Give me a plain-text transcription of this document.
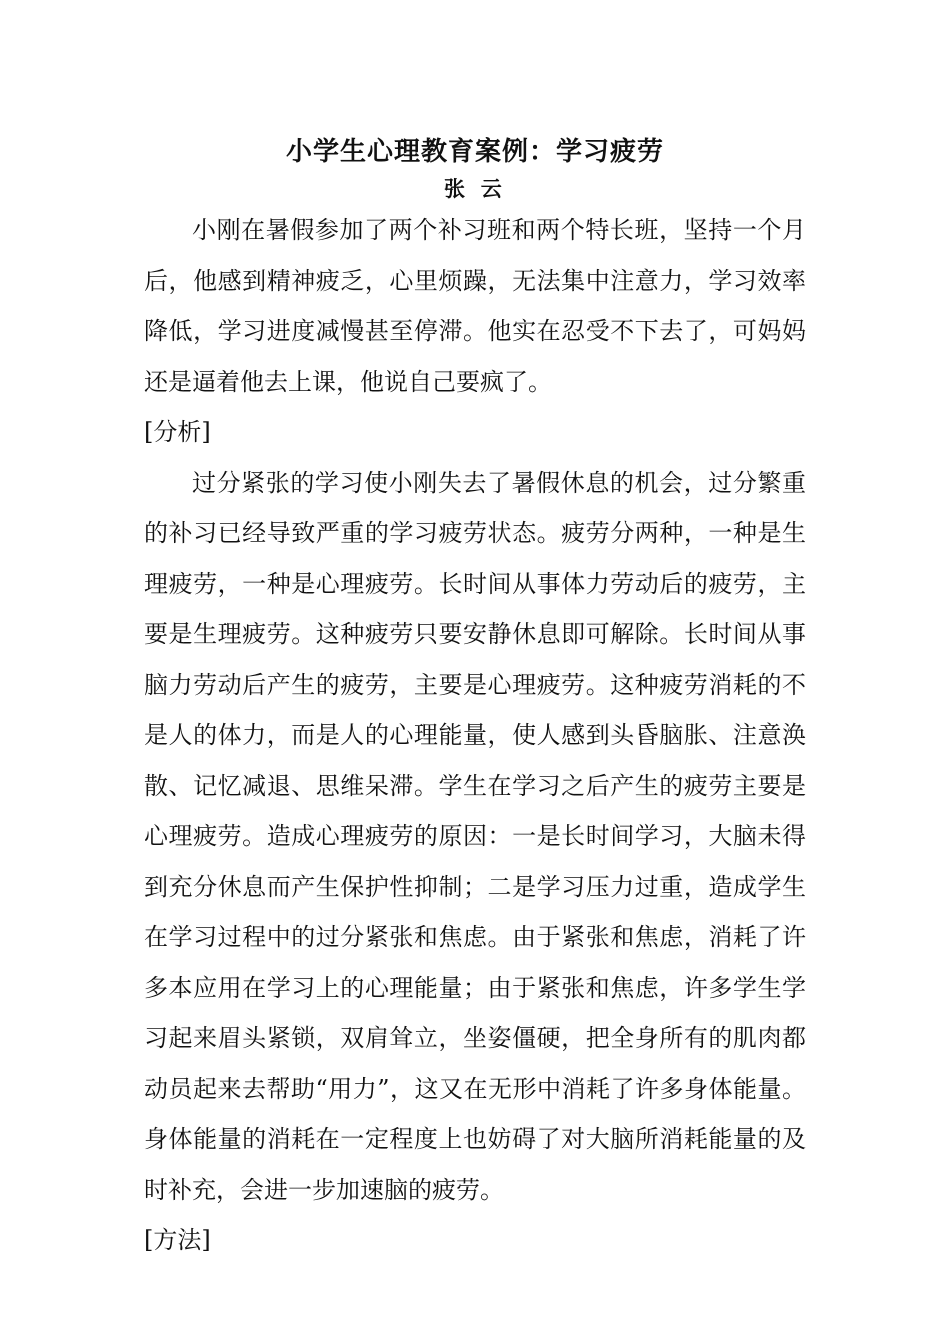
小学生心理教育案例：学习疲劳
张 云

小刚在暑假参加了两个补习班和两个特长班，坚持一个月后，他感到精神疲乏，心里烦躁，无法集中注意力，学习效率降低，学习进度减慢甚至停滞。他实在忍受不下去了，可妈妈还是逼着他去上课，他说自己要疯了。

[分析]

过分紧张的学习使小刚失去了暑假休息的机会，过分繁重的补习已经导致严重的学习疲劳状态。疲劳分两种，一种是生理疲劳，一种是心理疲劳。长时间从事体力劳动后的疲劳，主要是生理疲劳。这种疲劳只要安静休息即可解除。长时间从事脑力劳动后产生的疲劳，主要是心理疲劳。这种疲劳消耗的不是人的体力，而是人的心理能量，使人感到头昏脑胀、注意涣散、记忆减退、思维呆滞。学生在学习之后产生的疲劳主要是心理疲劳。造成心理疲劳的原因：一是长时间学习，大脑未得到充分休息而产生保护性抑制；二是学习压力过重，造成学生在学习过程中的过分紧张和焦虑。由于紧张和焦虑，消耗了许多本应用在学习上的心理能量；由于紧张和焦虑，许多学生学习起来眉头紧锁，双肩耸立，坐姿僵硬，把全身所有的肌肉都动员起来去帮助“用力”，这又在无形中消耗了许多身体能量。身体能量的消耗在一定程度上也妨碍了对大脑所消耗能量的及时补充，会进一步加速脑的疲劳。

[方法]
